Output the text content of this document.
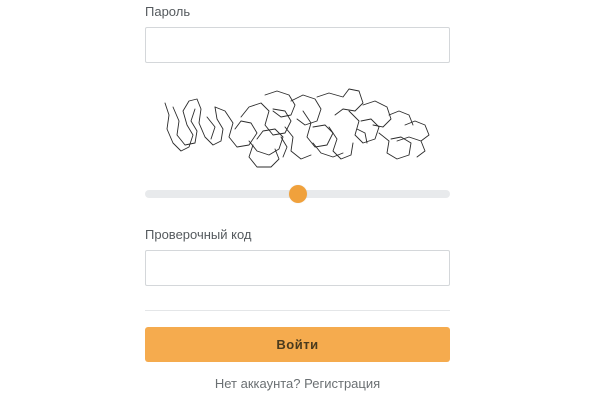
Пароль
Проверочный код
Войти
Нет аккаунта? Регистрация
